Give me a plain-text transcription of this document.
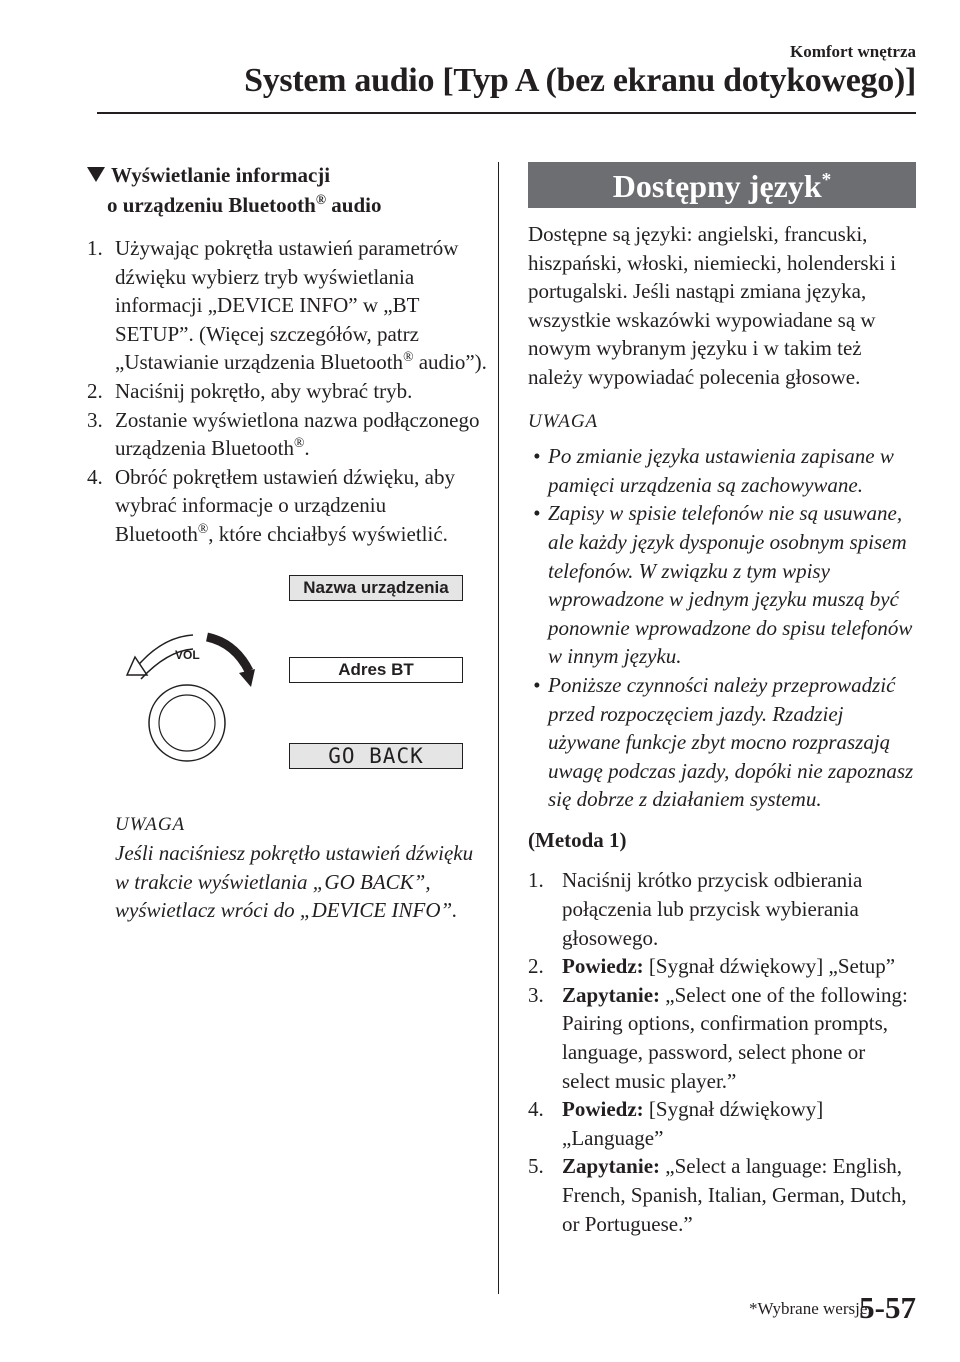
Komfort wnętrza
System audio [Typ A (bez ekranu dotykowego)]
Wyświetlanie informacji
o urządzeniu Bluetooth® audio
1. Używając pokrętła ustawień parametrów dźwięku wybierz tryb wyświetlania informacji „DEVICE INFO” w „BT SETUP”. (Więcej szczegółów, patrz „Ustawianie urządzenia Bluetooth® audio”).
2. Naciśnij pokrętło, aby wybrać tryb.
3. Zostanie wyświetlona nazwa podłączonego urządzenia Bluetooth®.
4. Obróć pokrętłem ustawień dźwięku, aby wybrać informacje o urządzeniu Bluetooth®, które chciałbyś wyświetlić.
VOL
Nazwa urządzenia
Adres BT
GO BACK
UWAGA
Jeśli naciśniesz pokrętło ustawień dźwięku w trakcie wyświetlania „GO BACK”, wyświetlacz wróci do „DEVICE INFO”.
Dostępny język*
Dostępne są języki: angielski, francuski, hiszpański, włoski, niemiecki, holenderski i portugalski. Jeśli nastąpi zmiana języka, wszystkie wskazówki wypowiadane są w nowym wybranym języku i w takim też należy wypowiadać polecenia głosowe.
UWAGA
• Po zmianie języka ustawienia zapisane w pamięci urządzenia są zachowywane.
• Zapisy w spisie telefonów nie są usuwane, ale każdy język dysponuje osobnym spisem telefonów. W związku z tym wpisy wprowadzone w jednym języku muszą być ponownie wprowadzone do spisu telefonów w innym języku.
• Poniższe czynności należy przeprowadzić przed rozpoczęciem jazdy. Rzadziej używane funkcje zbyt mocno rozpraszają uwagę podczas jazdy, dopóki nie zapoznasz się dobrze z działaniem systemu.
(Metoda 1)
1. Naciśnij krótko przycisk odbierania połączenia lub przycisk wybierania głosowego.
2. Powiedz: [Sygnał dźwiękowy] „Setup”
3. Zapytanie: „Select one of the following: Pairing options, confirmation prompts, language, password, select phone or select music player.”
4. Powiedz: [Sygnał dźwiękowy] „Language”
5. Zapytanie: „Select a language: English, French, Spanish, Italian, German, Dutch, or Portuguese.”
*Wybrane wersje.
5-57
